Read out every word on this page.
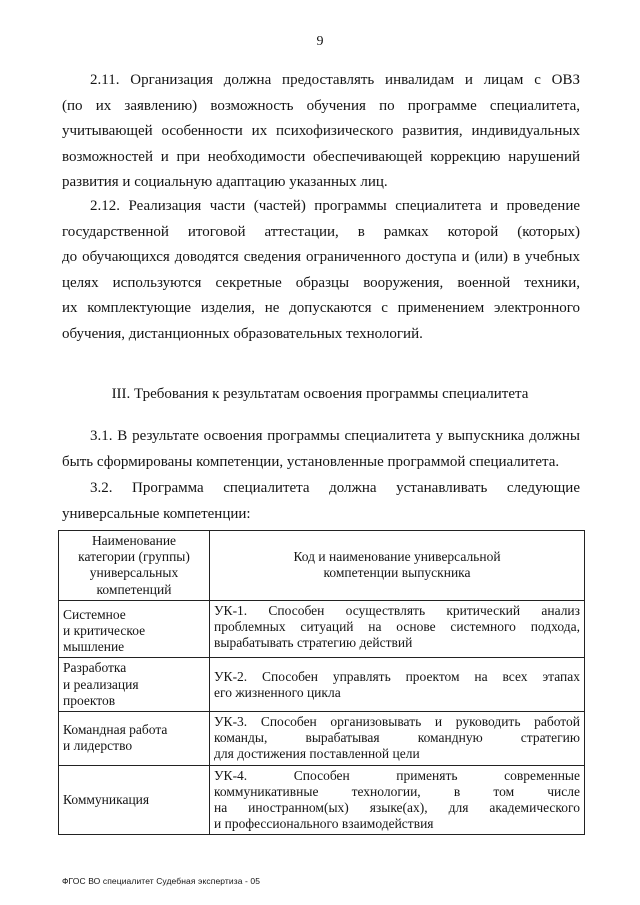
9
2.11. Организация должна предоставлять инвалидам и лицам с ОВЗ
(по их заявлению) возможность обучения по программе специалитета,
учитывающей особенности их психофизического развития, индивидуальных
возможностей и при необходимости обеспечивающей коррекцию нарушений
развития и социальную адаптацию указанных лиц.
2.12. Реализация части (частей) программы специалитета и проведение
государственной итоговой аттестации, в рамках которой (которых)
до обучающихся доводятся сведения ограниченного доступа и (или) в учебных
целях используются секретные образцы вооружения, военной техники,
их комплектующие изделия, не допускаются с применением электронного
обучения, дистанционных образовательных технологий.
III. Требования к результатам освоения программы специалитета
3.1. В результате освоения программы специалитета у выпускника должны
быть сформированы компетенции, установленные программой специалитета.
3.2. Программа специалитета должна устанавливать следующие
универсальные компетенции:
Наименование
категории (группы)
универсальных
компетенций	Код и наименование универсальной
компетенции выпускника

Системное
и критическое
мышление	УК-1. Способен осуществлять критический анализ
проблемных ситуаций на основе системного подхода,
вырабатывать стратегию действий

Разработка
и реализация
проектов	УК-2. Способен управлять проектом на всех этапах
его жизненного цикла

Командная работа
и лидерство	УК-3. Способен организовывать и руководить работой
команды, вырабатывая командную стратегию
для достижения поставленной цели

Коммуникация	УК-4. Способен применять современные
коммуникативные технологии, в том числе
на иностранном(ых) языке(ах), для академического
и профессионального взаимодействия
ФГОС ВО специалитет Судебная экспертиза - 05
